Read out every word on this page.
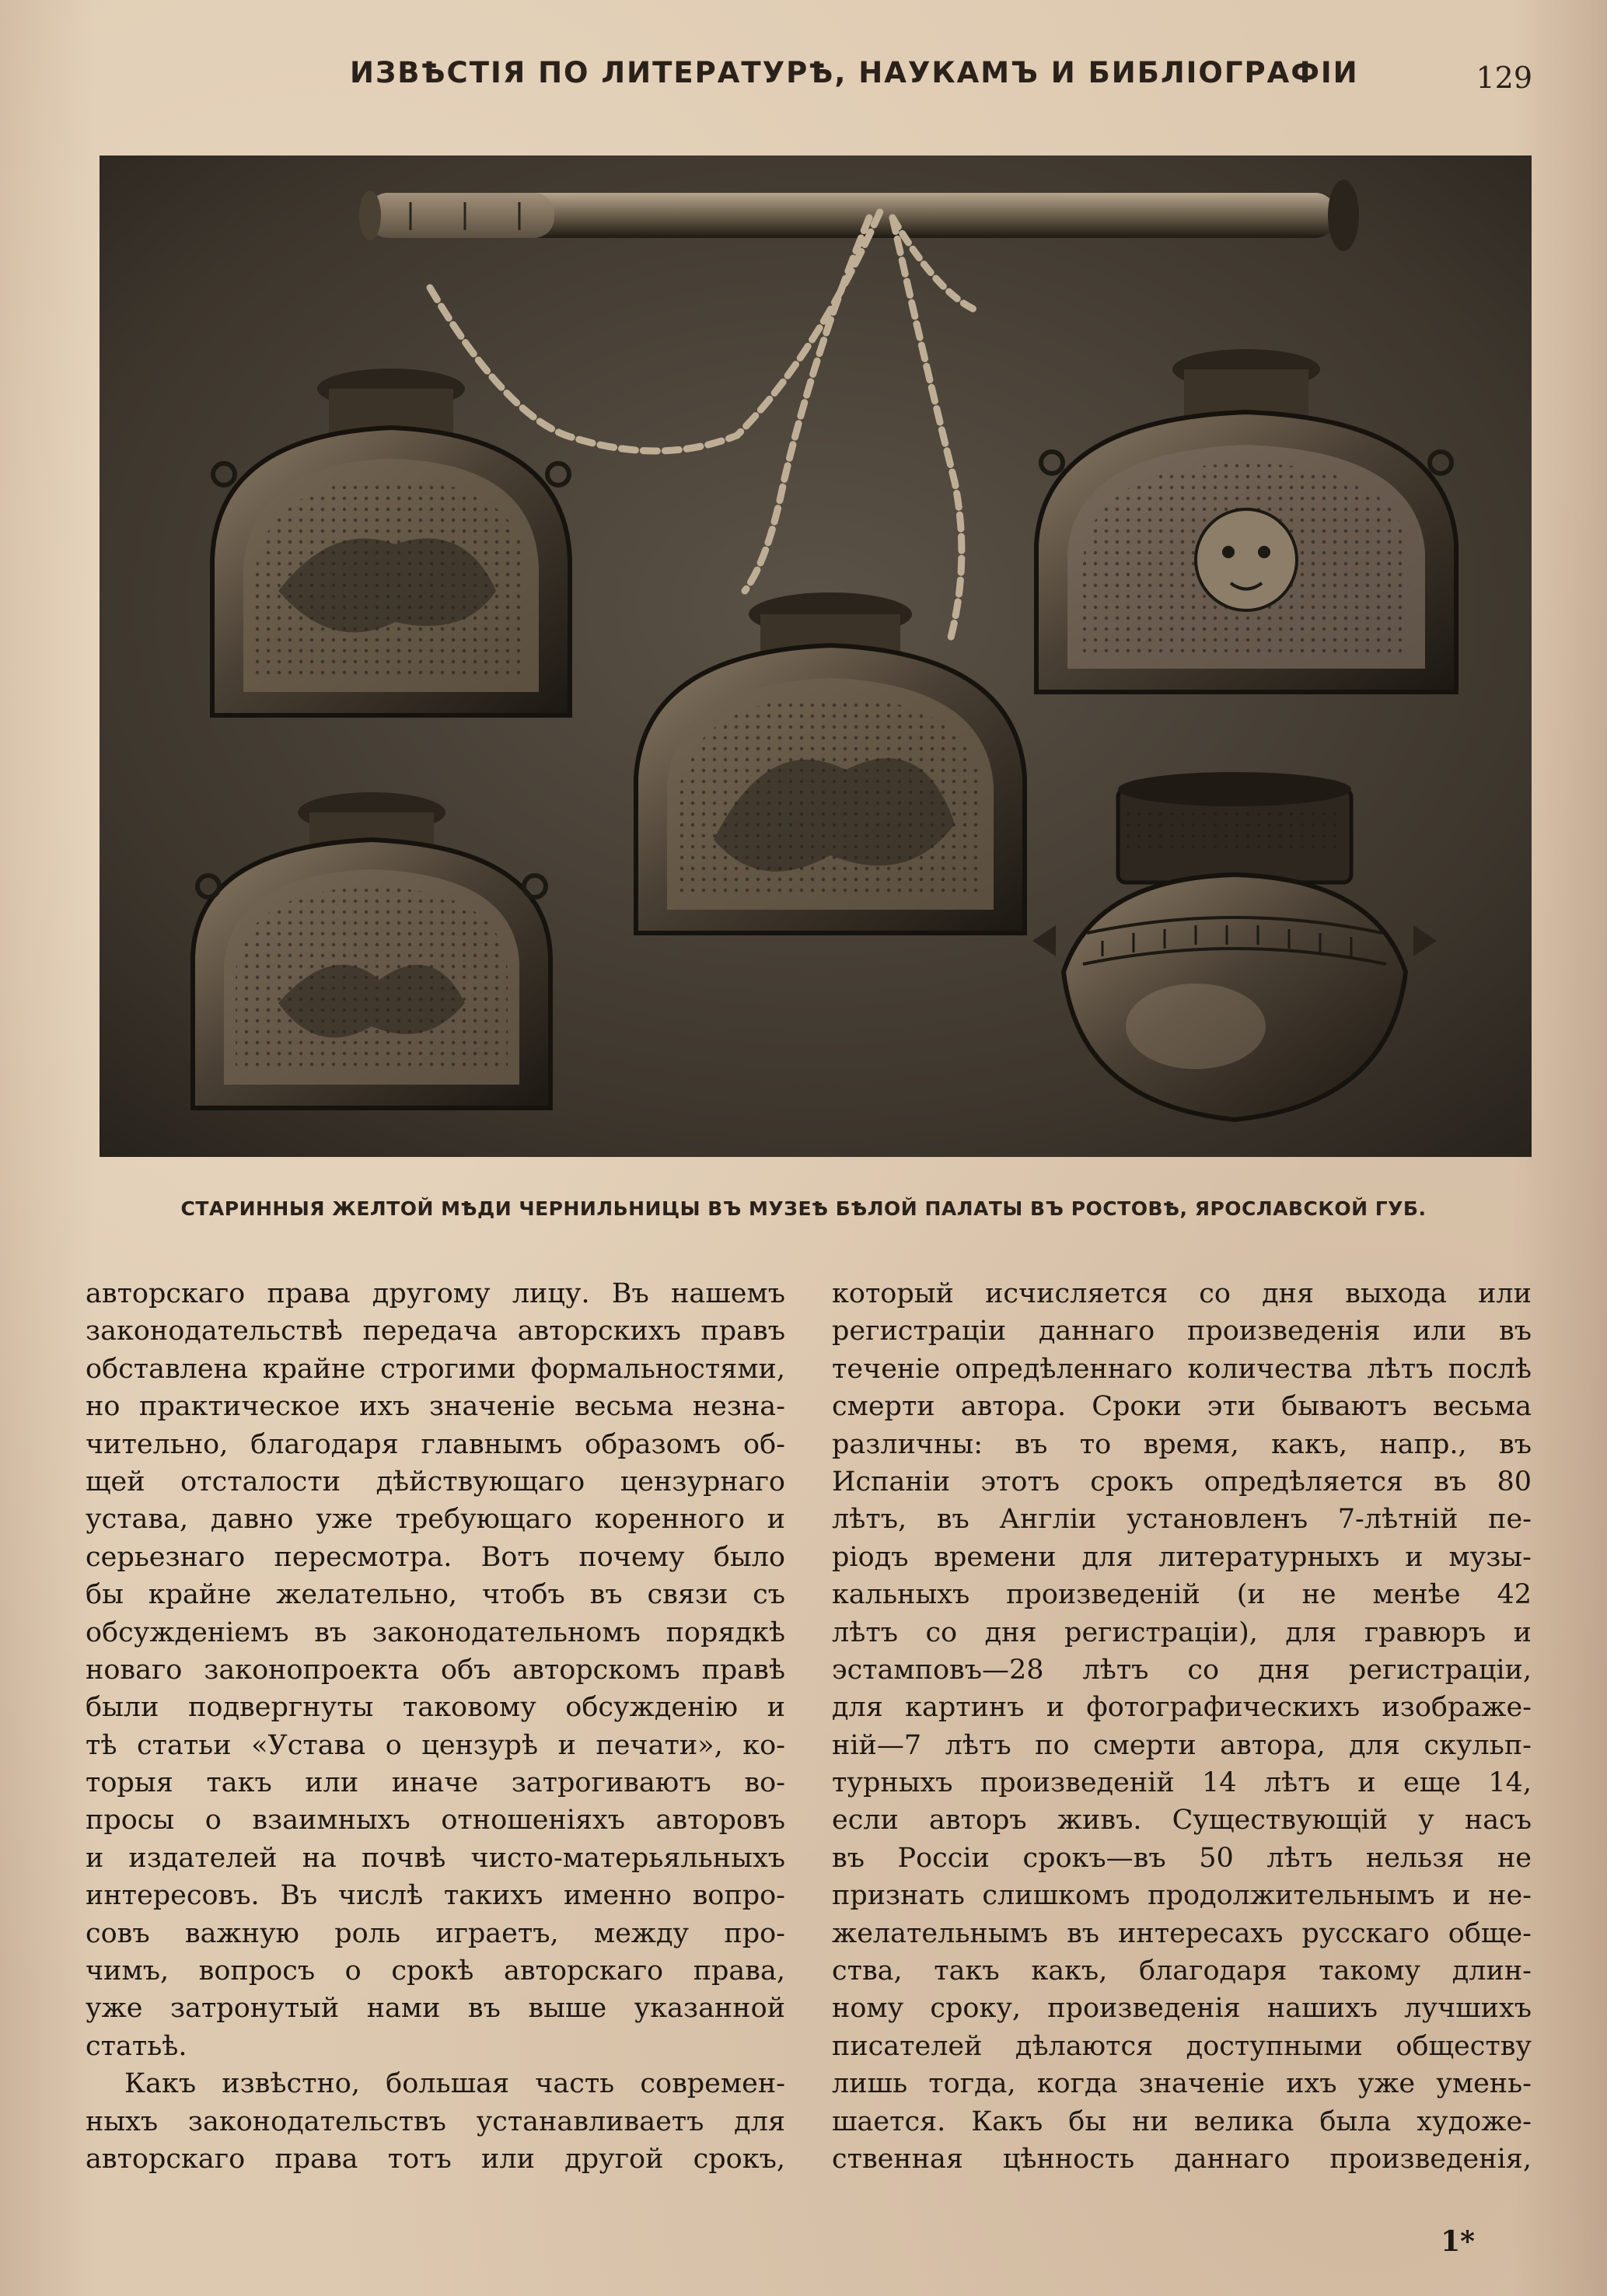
ИЗВѢСТІЯ ПО ЛИТЕРАТУРѢ, НАУКАМЪ И БИБЛІОГРАФІИ	129
СТАРИННЫЯ ЖЕЛТОЙ МѢДИ ЧЕРНИЛЬНИЦЫ ВЪ МУЗЕѢ БѢЛОЙ ПАЛАТЫ ВЪ РОСТОВѢ, ЯРОСЛАВСКОЙ ГУБ.
авторскаго права другому лицу. Въ нашемъ
законодательствѣ передача авторскихъ правъ
обставлена крайне строгими формальностями,
но практическое ихъ значеніе весьма незна-
чительно, благодаря главнымъ образомъ об-
щей отсталости дѣйствующаго цензурнаго
устава, давно уже требующаго коренного и
серьезнаго пересмотра. Вотъ почему было
бы крайне желательно, чтобъ въ связи съ
обсужденіемъ въ законодательномъ порядкѣ
новаго законопроекта объ авторскомъ правѣ
были подвергнуты таковому обсужденію и
тѣ статьи «Устава о цензурѣ и печати», ко-
торыя такъ или иначе затрогиваютъ во-
просы о взаимныхъ отношеніяхъ авторовъ
и издателей на почвѣ чисто-матерьяльныхъ
интересовъ. Въ числѣ такихъ именно вопро-
совъ важную роль играетъ, между про-
чимъ, вопросъ о срокѣ авторскаго права,
уже затронутый нами въ выше указанной
статьѣ.
Какъ извѣстно, большая часть современ-
ныхъ законодательствъ устанавливаетъ для
авторскаго права тотъ или другой срокъ,
который исчисляется со дня выхода или
регистраціи даннаго произведенія или въ
теченіе опредѣленнаго количества лѣтъ послѣ
смерти автора. Сроки эти бываютъ весьма
различны: въ то время, какъ, напр., въ
Испаніи этотъ срокъ опредѣляется въ 80
лѣтъ, въ Англіи установленъ 7-лѣтній пе-
ріодъ времени для литературныхъ и музы-
кальныхъ произведеній (и не менѣе 42
лѣтъ со дня регистраціи), для гравюръ и
эстамповъ—28 лѣтъ со дня регистраціи,
для картинъ и фотографическихъ изображе-
ній—7 лѣтъ по смерти автора, для скульп-
турныхъ произведеній 14 лѣтъ и еще 14,
если авторъ живъ. Существующій у насъ
въ Россіи срокъ—въ 50 лѣтъ нельзя не
признать слишкомъ продолжительнымъ и не-
желательнымъ въ интересахъ русскаго обще-
ства, такъ какъ, благодаря такому длин-
ному сроку, произведенія нашихъ лучшихъ
писателей дѣлаются доступными обществу
лишь тогда, когда значеніе ихъ уже умень-
шается. Какъ бы ни велика была художе-
ственная цѣнность даннаго произведенія,
1*
